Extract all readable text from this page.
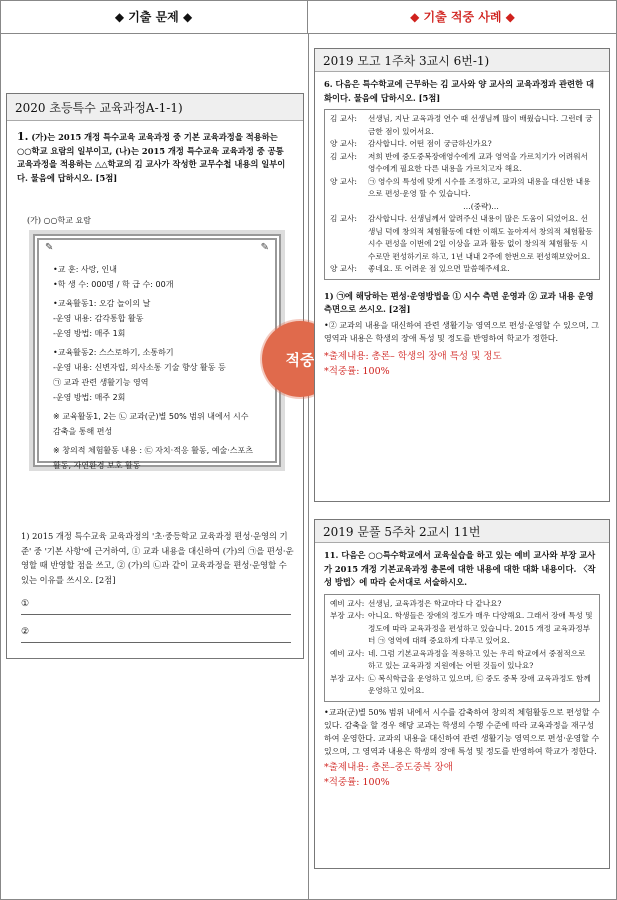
◆ 기출 문제 ◆	◆ 기출 적중 사례 ◆
2020 초등특수 교육과정A-1-1)
1. (가)는 2015 개정 특수교육 교육과정 중 기본 교육과정을 적용하는 ○○학교 요람의 일부이고, (나)는 2015 개정 특수교육 교육과정 중 공통 교육과정을 적용하는 △△학교의 김 교사가 작성한 교무수첩 내용의 일부이다. 물음에 답하시오. [5점]
(가) ○○학교 요람
✎	✎
•교 훈: 사랑, 인내
•학 생 수: 000명 / 학 급 수: 00개
•교육활동1: 오감 놀이의 날
-운영 내용: 감각통합 활동
-운영 방법: 매주 1회
•교육활동2: 스스로하기, 소통하기
-운영 내용: 신변자립, 의사소통 기술 향상 활동 등
㉠ 교과 관련 생활기능 영역
-운영 방법: 매주 2회
※ 교육활동1, 2는 ㉡ 교과(군)별 50% 범위 내에서 시수
감축을 통해 편성
※ 창의적 체험활동 내용 : ㉢ 자치·적응 활동, 예술·스포츠
활동, 자연환경 보호 활동
1) 2015 개정 특수교육 교육과정의 '초·중등학교 교육과정 편성·운영의 기준' 중 '기본 사항'에 근거하여, ① 교과 내용을 대신하여 (가)의 ㉠을 편성·운영할 때 반영할 점을 쓰고, ② (가)의 ㉡과 같이 교육과정을 편성·운영할 수 있는 이유를 쓰시오. [2점]
①
②
적중
2019 모고 1주차 3교시 6번-1)
6. 다음은 특수학교에 근무하는 김 교사와 양 교사의 교육과정과 관련한 대화이다. 물음에 답하시오. [5점]
김 교사:	선생님, 지난 교육과정 연수 때 선생님께 많이 배웠습니다. 그런데 궁금한 점이 있어서요.
양 교사:	감사합니다. 어떤 점이 궁금하신가요?
김 교사:	저희 반에 중도중복장애영수에게 교과 영역을 가르치기가 어려워서 영수에게 필요한 다른 내용을 가르치고자 해요.
양 교사:	㉠ 영수의 특성에 맞게 시수를 조정하고, 교과의 내용을 대신한 내용으로 편성·운영 할 수 있습니다.
…(중략)…
김 교사:	감사합니다. 선생님께서 알려주신 내용이 많은 도움이 되었어요. 선생님 덕에 창의적 체험활동에 대한 이해도 높아져서 창의적 체험활동 시수 편성을 이번에 2일 이상을 교과 활동 없이 창의적 체험활동 시수로만 편성하기로 하고, 1년 내내 2주에 한번으로 편성해보았어요.
양 교사:	좋네요. 또 어려운 점 있으면 말씀해주세요.
1) ㉠에 해당하는 편성·운영방법을 ① 시수 측면 운영과 ② 교과 내용 운영 측면으로 쓰시오. [2점]
•② 교과의 내용을 대신하여 관련 생활기능 영역으로 편성·운영할 수 있으며, 그 영역과 내용은 학생의 장애 특성 및 정도를 반영하여 학교가 정한다.
*출제내용: 총론– 학생의 장애 특성 및 정도
*적중률: 100%
2019 문풀 5주차 2교시 11번
11. 다음은 ○○특수학교에서 교육실습을 하고 있는 예비 교사와 부장 교사가 2015 개정 기본교육과정 총론에 대한 내용에 대한 대화 내용이다. 〈작성 방법〉에 따라 순서대로 서술하시오.
예비 교사: 선생님, 교육과정은 학교마다 다 같나요?
부장 교사: 아니요. 학생들은 장애의 정도가 매우 다양해요. 그래서 장애 특성 및 정도에 따라 교육과정을 편성하고 있습니다. 2015 개정 교육과정부터 ㉠ 영역에 대해 중요하게 다루고 있어요.
예비 교사: 네. 그럼 기본교육과정을 적용하고 있는 우리 학교에서 중점적으로 하고 있는 교육과정 지원에는 어떤 것들이 있나요?
부장 교사: ㉡ 복식학급을 운영하고 있으며, ㉢ 중도 중복 장애 교육과정도 함께 운영하고 있어요.
•교과(군)별 50% 범위 내에서 시수를 감축하여 창의적 체험활동으로 편성할 수 있다. 감축을 할 경우 해당 교과는 학생의 수행 수준에 따라 교육과정을 재구성하여 운영한다. 교과의 내용을 대신하여 관련 생활기능 영역으로 편성·운영할 수 있으며, 그 영역과 내용은 학생의 장애 특성 및 정도를 반영하여 학교가 정한다.
*출제내용: 총론–중도중복 장애
*적중률: 100%
